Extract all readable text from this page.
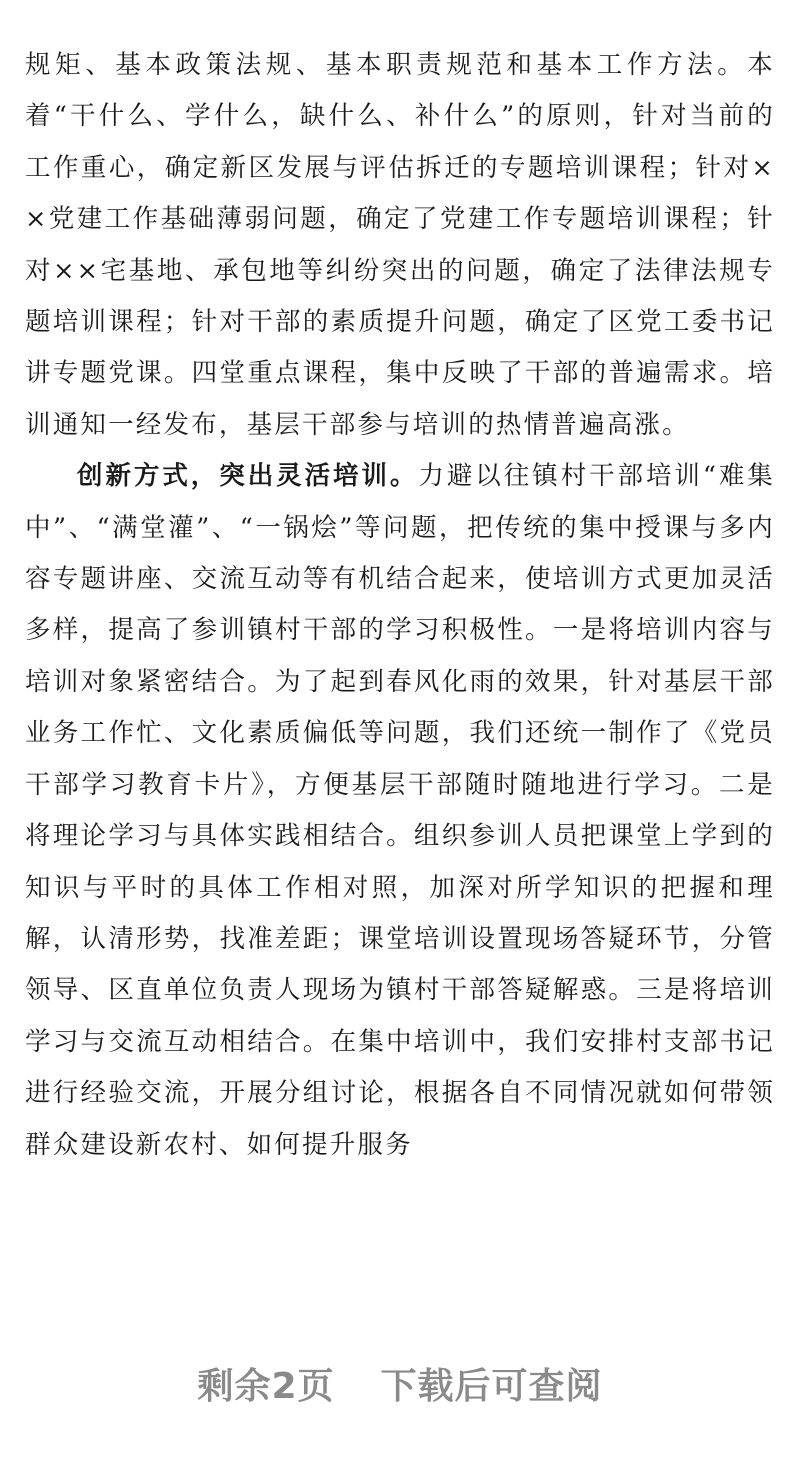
规矩、基本政策法规、基本职责规范和基本工作方法。本着“干什么、学什么，缺什么、补什么”的原则，针对当前的工作重心，确定新区发展与评估拆迁的专题培训课程；针对××党建工作基础薄弱问题，确定了党建工作专题培训课程；针对××宅基地、承包地等纠纷突出的问题，确定了法律法规专题培训课程；针对干部的素质提升问题，确定了区党工委书记讲专题党课。四堂重点课程，集中反映了干部的普遍需求。培训通知一经发布，基层干部参与培训的热情普遍高涨。

创新方式，突出灵活培训。力避以往镇村干部培训“难集中”、“满堂灌”、“一锅烩”等问题，把传统的集中授课与多内容专题讲座、交流互动等有机结合起来，使培训方式更加灵活多样，提高了参训镇村干部的学习积极性。一是将培训内容与培训对象紧密结合。为了起到春风化雨的效果，针对基层干部业务工作忙、文化素质偏低等问题，我们还统一制作了《党员干部学习教育卡片》，方便基层干部随时随地进行学习。二是将理论学习与具体实践相结合。组织参训人员把课堂上学到的知识与平时的具体工作相对照，加深对所学知识的把握和理解，认清形势，找准差距；课堂培训设置现场答疑环节，分管领导、区直单位负责人现场为镇村干部答疑解惑。三是将培训学习与交流互动相结合。在集中培训中，我们安排村支部书记进行经验交流，开展分组讨论，根据各自不同情况就如何带领群众建设新农村、如何提升服务

剩余2页 下载后可查阅
